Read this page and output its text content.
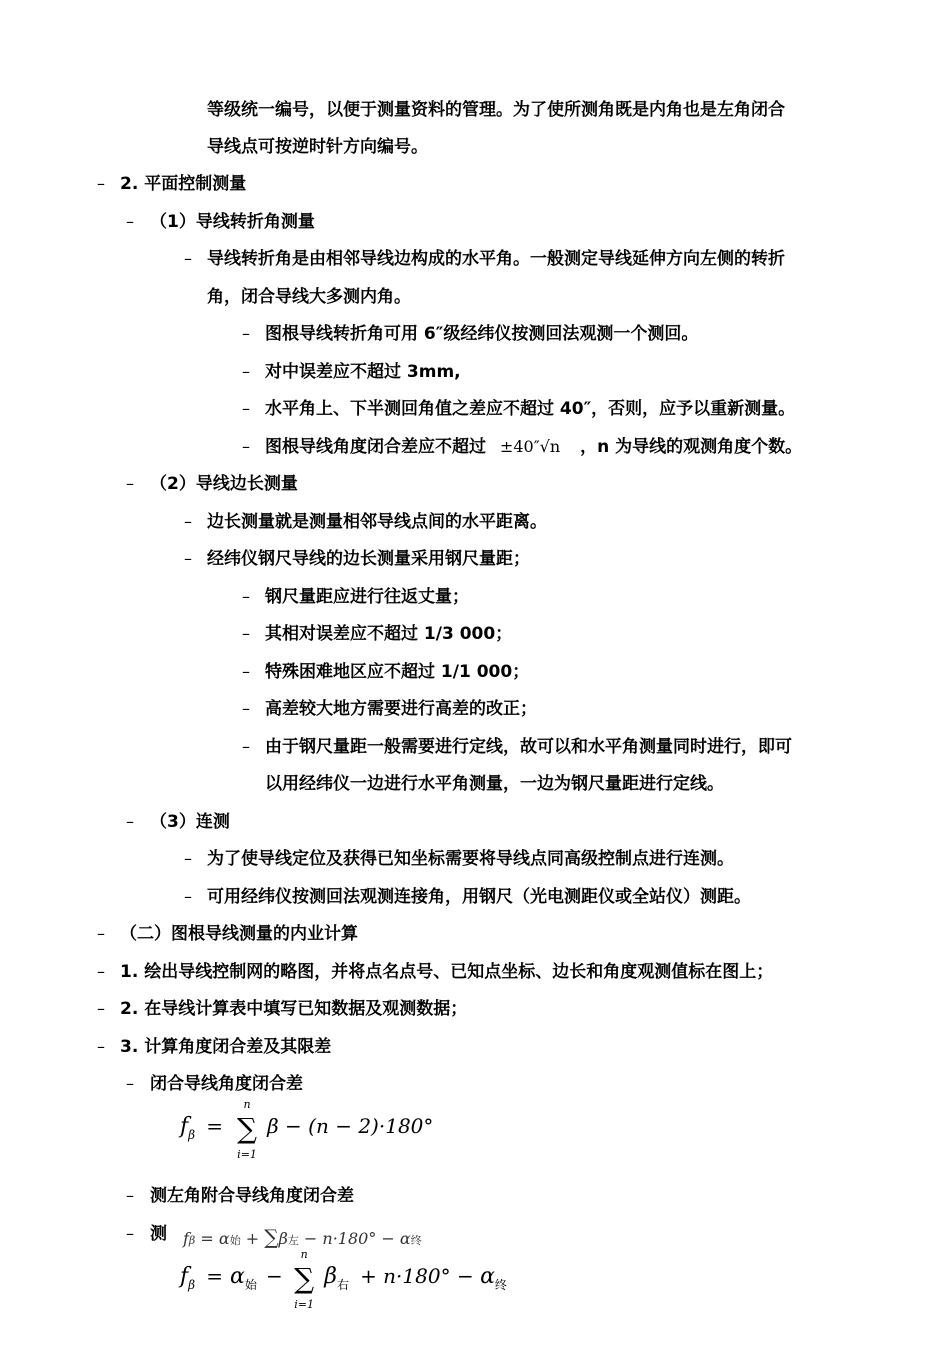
等级统一编号，以便于测量资料的管理。为了使所测角既是内角也是左角闭合
导线点可按逆时针方向编号。
– 2. 平面控制测量
– （1）导线转折角测量
– 导线转折角是由相邻导线边构成的水平角。一般测定导线延伸方向左侧的转折
角，闭合导线大多测内角。
– 图根导线转折角可用 6″级经纬仪按测回法观测一个测回。
– 对中误差应不超过 3mm,
– 水平角上、下半测回角值之差应不超过 40″，否则，应予以重新测量。
– 图根导线角度闭合差应不超过 ±40″√n ，n 为导线的观测角度个数。
– （2）导线边长测量
– 边长测量就是测量相邻导线点间的水平距离。
– 经纬仪钢尺导线的边长测量采用钢尺量距；
– 钢尺量距应进行往返丈量；
– 其相对误差应不超过 1/3 000；
– 特殊困难地区应不超过 1/1 000；
– 高差较大地方需要进行高差的改正；
– 由于钢尺量距一般需要进行定线，故可以和水平角测量同时进行，即可
以用经纬仪一边进行水平角测量，一边为钢尺量距进行定线。
– （3）连测
– 为了使导线定位及获得已知坐标需要将导线点同高级控制点进行连测。
– 可用经纬仪按测回法观测连接角，用钢尺（光电测距仪或全站仪）测距。
– （二）图根导线测量的内业计算
– 1. 绘出导线控制网的略图，并将点名点号、已知点坐标、边长和角度观测值标在图上；
– 2. 在导线计算表中填写已知数据及观测数据；
– 3. 计算角度闭合差及其限差
– 闭合导线角度闭合差
$f_\beta$ =
n
∑
i=1
β − (n − 2)·180°
– 测左角附合导线角度闭合差
– 测 fβ = α始 + ∑β左 − n·180° − α终
$f_\beta = \alpha_始$ −
n
∑
i=1
$\beta_右 + n\cdot 180^\circ - \alpha_终$
